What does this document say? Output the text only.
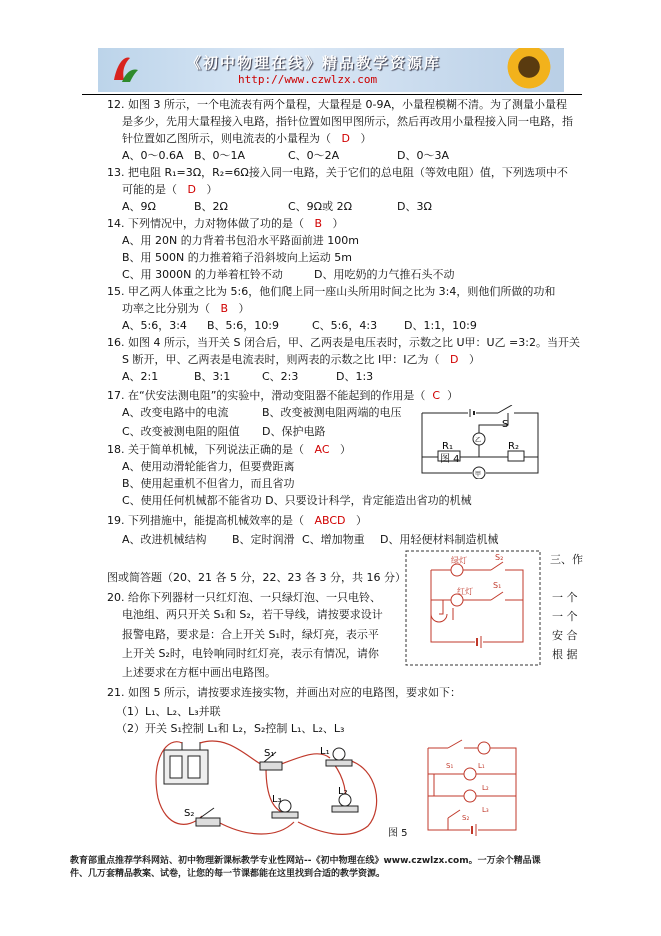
《初中物理在线》精品教学资源库
http://www.czwlzx.com
12. 如图 3 所示，一个电流表有两个量程，大量程是 0-9A，小量程模糊不清。为了测量小量程
是多少，先用大量程接入电路，指针位置如图甲图所示，然后再改用小量程接入同一电路，指
针位置如乙图所示，则电流表的小量程为（ D ）
A、0～0.6A B、0～1A	C、0～2A	D、0～3A
13. 把电阻 R₁=3Ω，R₂=6Ω接入同一电路，关于它们的总电阻（等效电阻）值，下列选项中不
可能的是（ D ）
A、9Ω	B、2Ω	C、9Ω或 2Ω	D、3Ω
14. 下列情况中，力对物体做了功的是（ B ）
A、用 20N 的力背着书包沿水平路面前进 100m
B、用 500N 的力推着箱子沿斜坡向上运动 5m
C、用 3000N 的力举着杠铃不动	D、用吃奶的力气推石头不动
15. 甲乙两人体重之比为 5:6，他们爬上同一座山头所用时间之比为 3:4，则他们所做的功和
功率之比分别为（ B ）
A、5:6，3:4 B、5:6，10:9	C、5:6，4:3 D、1:1，10:9
16. 如图 4 所示，当开关 S 闭合后，甲、乙两表是电压表时，示数之比 U甲：U乙 =3:2。当开关
S 断开，甲、乙两表是电流表时，则两表的示数之比 I甲：I乙为（ D ）
A、2:1	B、3:1	C、2:3	D、1:3
17. 在“伏安法测电阻”的实验中，滑动变阻器不能起到的作用是（ C ）
A、改变电路中的电流	B、改变被测电阻两端的电压
C、改变被测电阻的阻值 D、保护电路
S
R₁	R₂
乙
甲
图 4
18. 关于简单机械，下列说法正确的是（ AC ）
A、使用动滑轮能省力，但要费距离
B、使用起重机不但省力，而且省功
C、使用任何机械都不能省功 D、只要设计科学，肯定能造出省功的机械
19. 下列措施中，能提高机械效率的是（ ABCD ）
A、改进机械结构 B、定时润滑 C、增加物重 D、用轻便材料制造机械
三、作
图或简答题（20、21 各 5 分，22、23 各 3 分，共 16 分）
绿灯
红灯
S₁
S₂
20. 给你下列器材一只红灯泡、一只绿灯泡、一只电铃、
电池组、两只开关 S₁和 S₂，若干导线，请按要求设计
报警电路，要求是：合上开关 S₁时，绿灯亮，表示平
上开关 S₂时，电铃响同时红灯亮，表示有情况，请你
上述要求在方框中画出电路图。
一 个
一 个
安 合
根 据
21. 如图 5 所示，请按要求连接实物，并画出对应的电路图，要求如下：
（1）L₁、L₂、L₃并联
（2）开关 S₁控制 L₁和 L₂，S₂控制 L₁、L₂、L₃
S₁	L₁
L₃
L₂
S₂
图 5
S₁	L₁
L₂
L₃
S₂
教育部重点推荐学科网站、初中物理新课标教学专业性网站--《初中物理在线》www.czwlzx.com。一万余个精品课
件、几万套精品教案、试卷，让您的每一节课都能在这里找到合适的教学资源。
